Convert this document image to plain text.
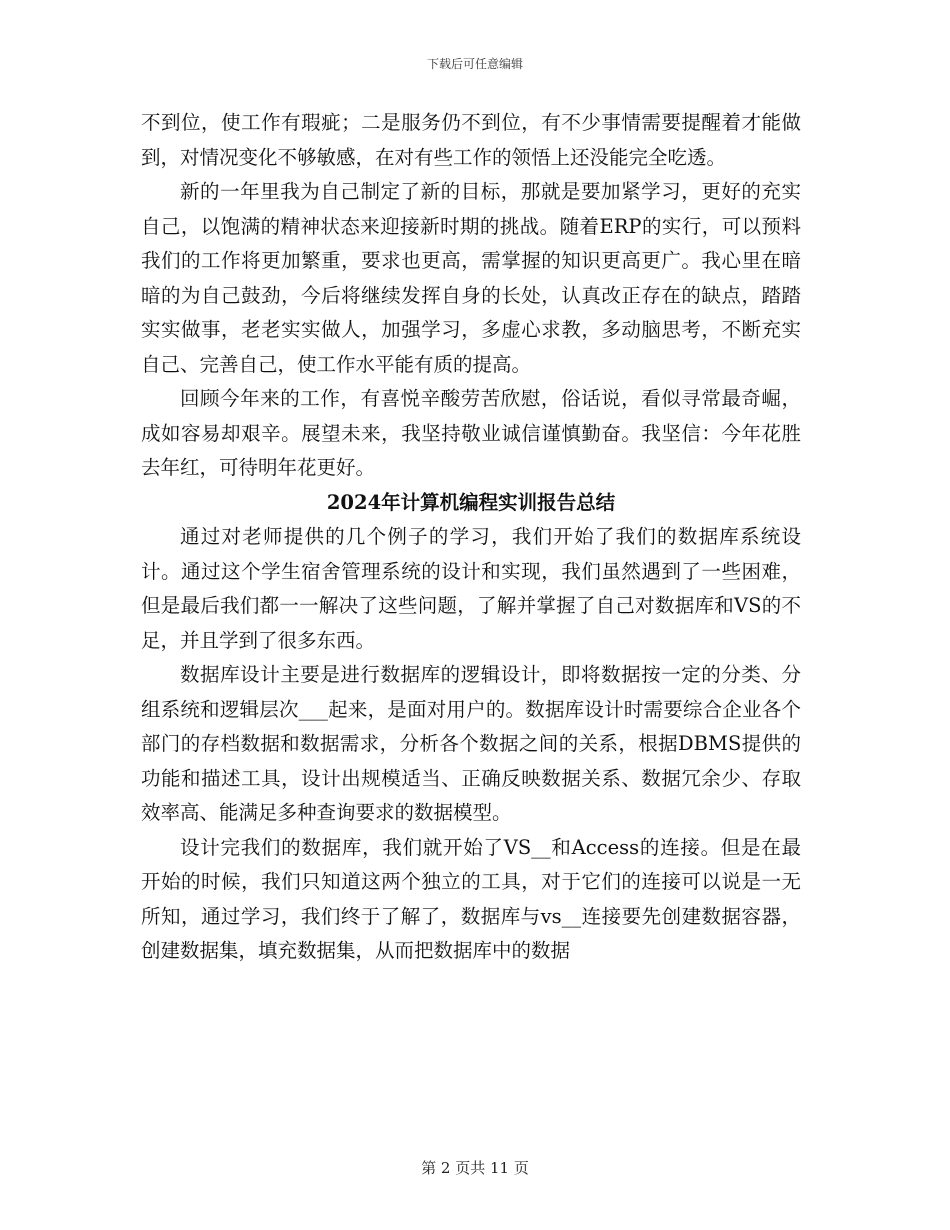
下载后可任意编辑

不到位，使工作有瑕疵；二是服务仍不到位，有不少事情需要提醒着才能做到，对情况变化不够敏感，在对有些工作的领悟上还没能完全吃透。

新的一年里我为自己制定了新的目标，那就是要加紧学习，更好的充实自己，以饱满的精神状态来迎接新时期的挑战。随着ERP的实行，可以预料我们的工作将更加繁重，要求也更高，需掌握的知识更高更广。我心里在暗暗的为自己鼓劲，今后将继续发挥自身的长处，认真改正存在的缺点，踏踏实实做事，老老实实做人，加强学习，多虚心求教，多动脑思考，不断充实自己、完善自己，使工作水平能有质的提高。

回顾今年来的工作，有喜悦辛酸劳苦欣慰，俗话说，看似寻常最奇崛，成如容易却艰辛。展望未来，我坚持敬业诚信谨慎勤奋。我坚信：今年花胜去年红，可待明年花更好。

2024年计算机编程实训报告总结

通过对老师提供的几个例子的学习，我们开始了我们的数据库系统设计。通过这个学生宿舍管理系统的设计和实现，我们虽然遇到了一些困难，但是最后我们都一一解决了这些问题，了解并掌握了自己对数据库和VS的不足，并且学到了很多东西。

数据库设计主要是进行数据库的逻辑设计，即将数据按一定的分类、分组系统和逻辑层次___起来，是面对用户的。数据库设计时需要综合企业各个部门的存档数据和数据需求，分析各个数据之间的关系，根据DBMS提供的功能和描述工具，设计出规模适当、正确反映数据关系、数据冗余少、存取效率高、能满足多种查询要求的数据模型。

设计完我们的数据库，我们就开始了VS__和Access的连接。但是在最开始的时候，我们只知道这两个独立的工具，对于它们的连接可以说是一无所知，通过学习，我们终于了解了，数据库与vs__连接要先创建数据容器，创建数据集，填充数据集，从而把数据库中的数据

第 2 页共 11 页
